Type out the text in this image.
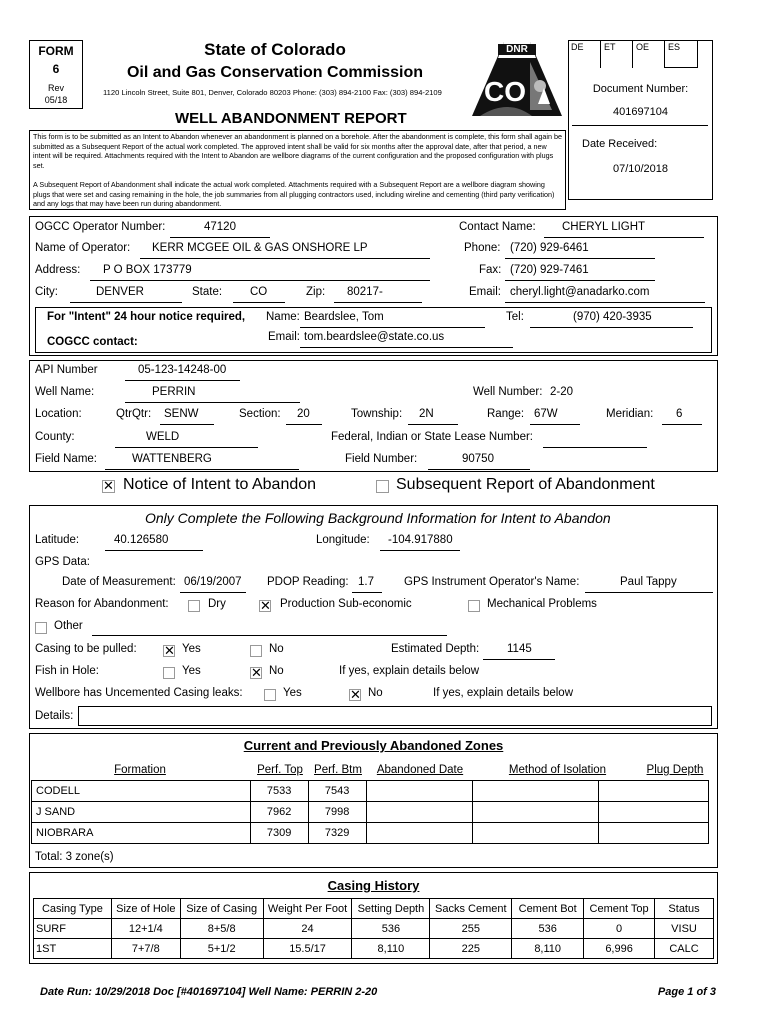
FORM
6
Rev
05/18
State of Colorado
Oil and Gas Conservation Commission
1120 Lincoln Street, Suite 801, Denver, Colorado 80203 Phone: (303) 894-2100 Fax: (303) 894-2109
WELL ABANDONMENT REPORT
DNR
CO
This form is to be submitted as an Intent to Abandon whenever an abandonment is planned on a borehole. After the abandonment is complete, this form shall again be submitted as a Subsequent Report of the actual work completed. The approved intent shall be valid for six months after the approval date, after that period, a new intent will be required. Attachments required with the Intent to Abandon are wellbore diagrams of the current configuration and the proposed configuration with plugs set.
A Subsequent Report of Abandonment shall indicate the actual work completed. Attachments required with a Subsequent Report are a wellbore diagram showing plugs that were set and casing remaining in the hole, the job summaries from all plugging contractors used, including wireline and cementing (third party verification) and any logs that may have been run during abandonment.
DE	ET	OE	ES
Document Number:
401697104
Date Received:
07/10/2018
OGCC Operator Number:	47120	Contact Name: CHERYL LIGHT
Name of Operator: KERR MCGEE OIL & GAS ONSHORE LP	Phone: (720) 929-6461
Address: P O BOX 173779	Fax: (720) 929-7461
City:	DENVER	State: CO	Zip: 80217-	Email: cheryl.light@anadarko.com
For "Intent" 24 hour notice required,
COGCC contact:
Name: Beardslee, Tom	Tel:	(970) 420-3935
Email: tom.beardslee@state.co.us
API Number	05-123-14248-00
Well Name:	PERRIN	Well Number: 2-20
Location:	QtrQtr: SENW	Section: 20	Township: 2N	Range: 67W	Meridian: 6
County:	WELD	Federal, Indian or State Lease Number:
Field Name:	WATTENBERG	Field Number:	90750
✕ Notice of Intent to Abandon	Subsequent Report of Abandonment
Only Complete the Following Background Information for Intent to Abandon
Latitude:	40.126580	Longitude: -104.917880
GPS Data:
Date of Measurement: 06/19/2007 PDOP Reading: 1.7	GPS Instrument Operator's Name:	Paul Tappy
Reason for Abandonment:	Dry	✕ Production Sub-economic	Mechanical Problems
Other
Casing to be pulled: ✕ Yes	No	Estimated Depth: 1145
Fish in Hole:	Yes	✕ No	If yes, explain details below
Wellbore has Uncemented Casing leaks:	Yes	✕ No	If yes, explain details below
Details:
Current and Previously Abandoned Zones
Formation	Perf. Top Perf. Btm	Abandoned Date	Method of Isolation	Plug Depth
CODELL	7533	7543			
J SAND	7962	7998			
NIOBRARA	7309	7329			
Total: 3 zone(s)
Casing History
Casing Type	Size of Hole	Size of Casing	Weight Per Foot	Setting Depth	Sacks Cement	Cement Bot	Cement Top	Status
SURF	12+1/4	8+5/8	24	536	255	536	0	VISU
1ST	7+7/8	5+1/2	15.5/17	8,110	225	8,110	6,996	CALC
Date Run: 10/29/2018 Doc [#401697104] Well Name: PERRIN 2-20	Page 1 of 3
